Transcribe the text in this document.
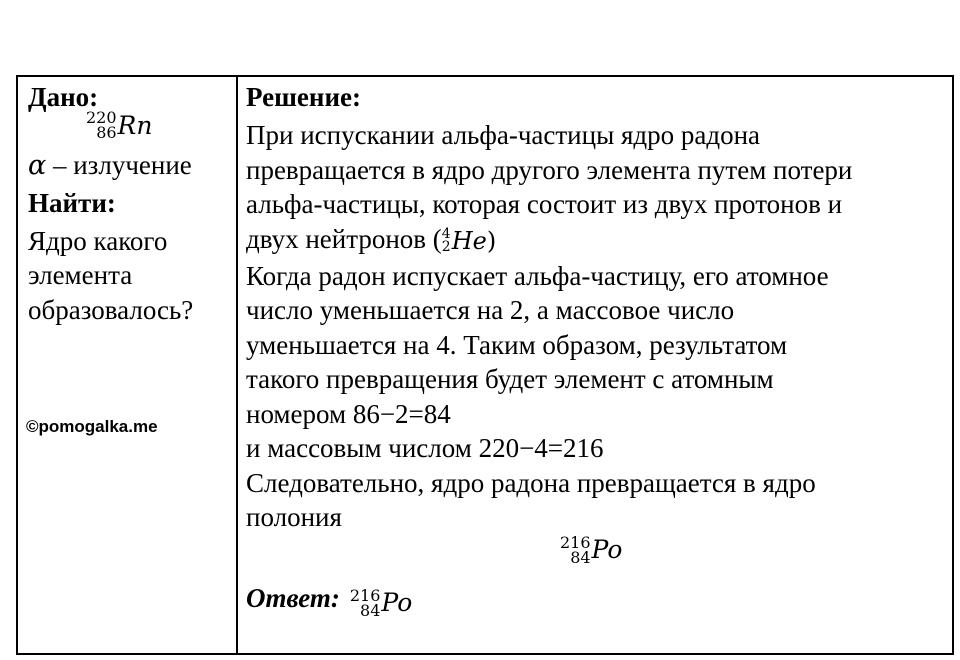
Дано:
220
86 Rn
α – излучение
Найти:
Ядро какого
элемента
образовалось?
©pomogalka.me
Решение:
При испускании альфа-частицы ядро радона
превращается в ядро другого элемента путем потери
альфа-частицы, которая состоит из двух протонов и
двух нейтронов ( 4
2 He )
Когда радон испускает альфа-частицу, его атомное
число уменьшается на 2, а массовое число
уменьшается на 4. Таким образом, результатом
такого превращения будет элемент с атомным
номером 86−2=84
и массовым числом 220−4=216
Следовательно, ядро радона превращается в ядро
полония
216
84 Po
Ответ: 216
84 Po
